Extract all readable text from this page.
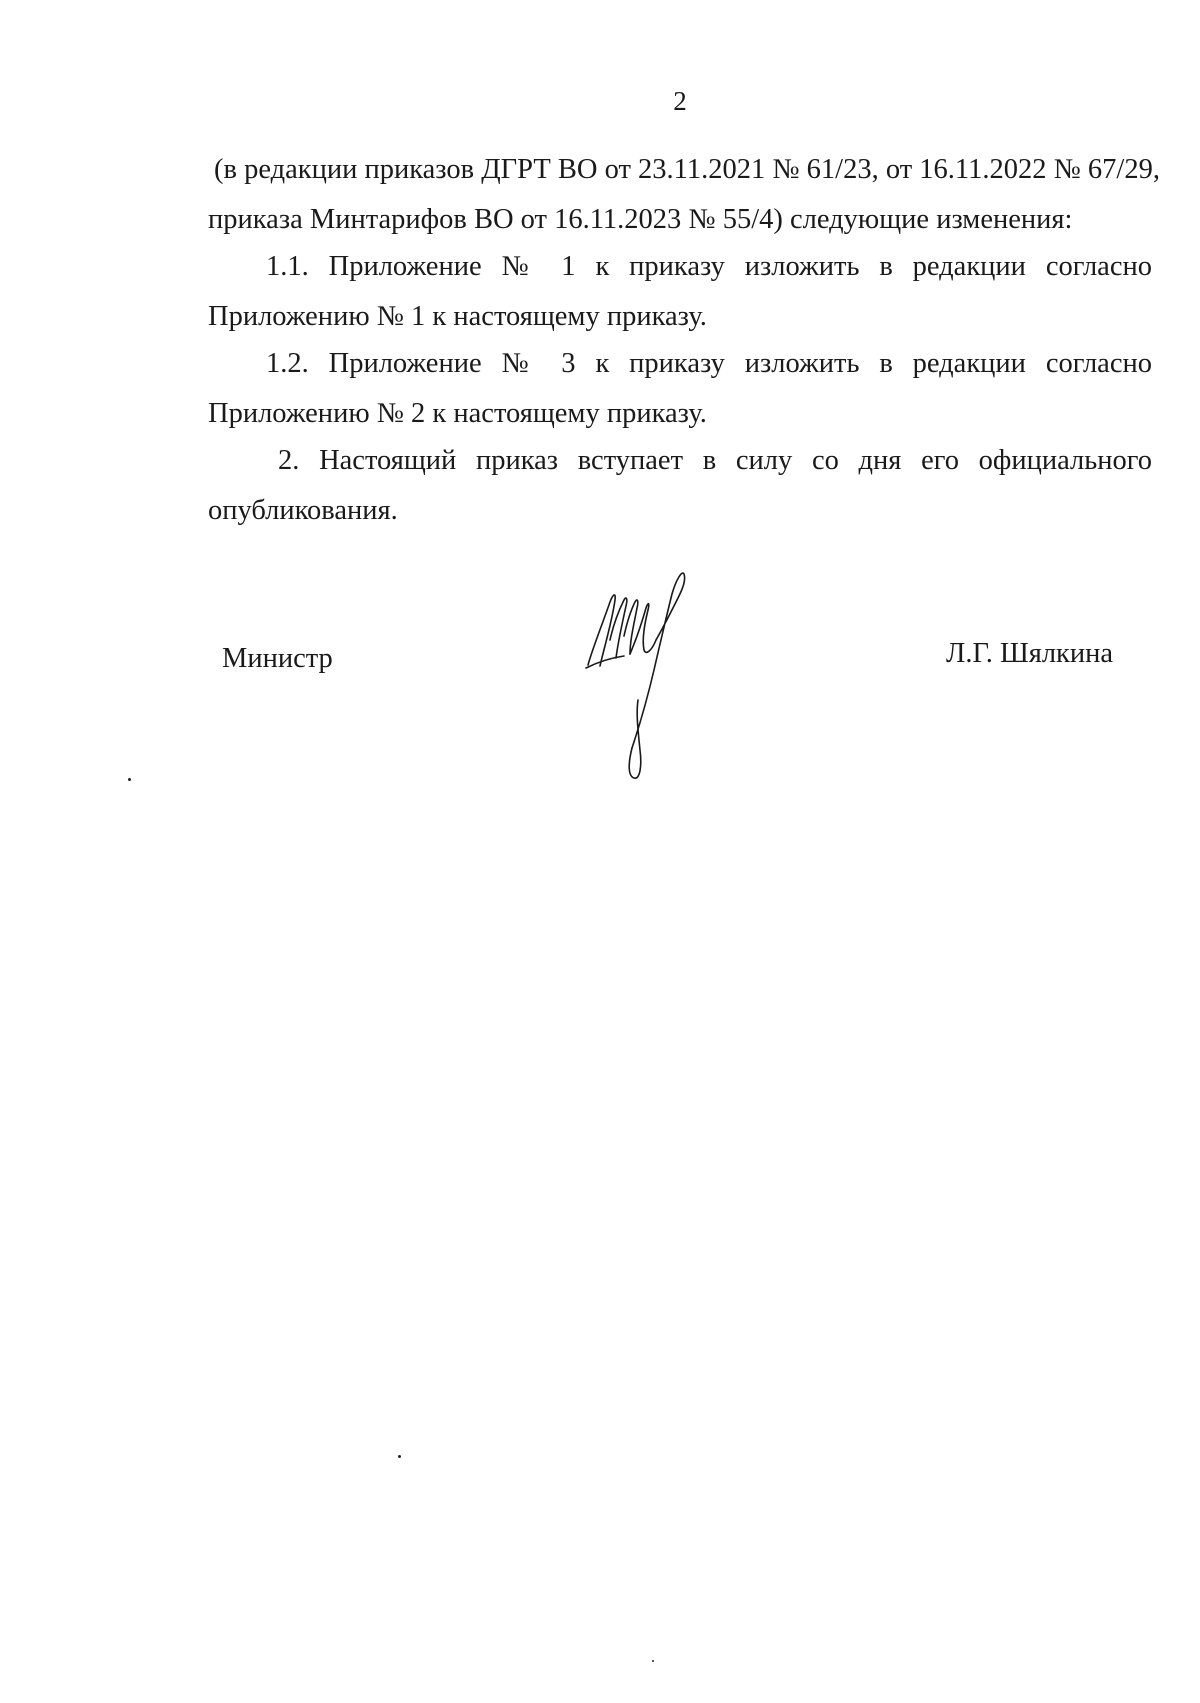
2
(в редакции приказов ДГРТ ВО от 23.11.2021 № 61/23, от 16.11.2022 № 67/29,
приказа Минтарифов ВО от 16.11.2023 № 55/4) следующие изменения:
1.1. Приложение № 1 к приказу изложить в редакции согласно
Приложению № 1 к настоящему приказу.
1.2. Приложение № 3 к приказу изложить в редакции согласно
Приложению № 2 к настоящему приказу.
2. Настоящий приказ вступает в силу со дня его официального
опубликования.
Министр	Л.Г. Шялкина
